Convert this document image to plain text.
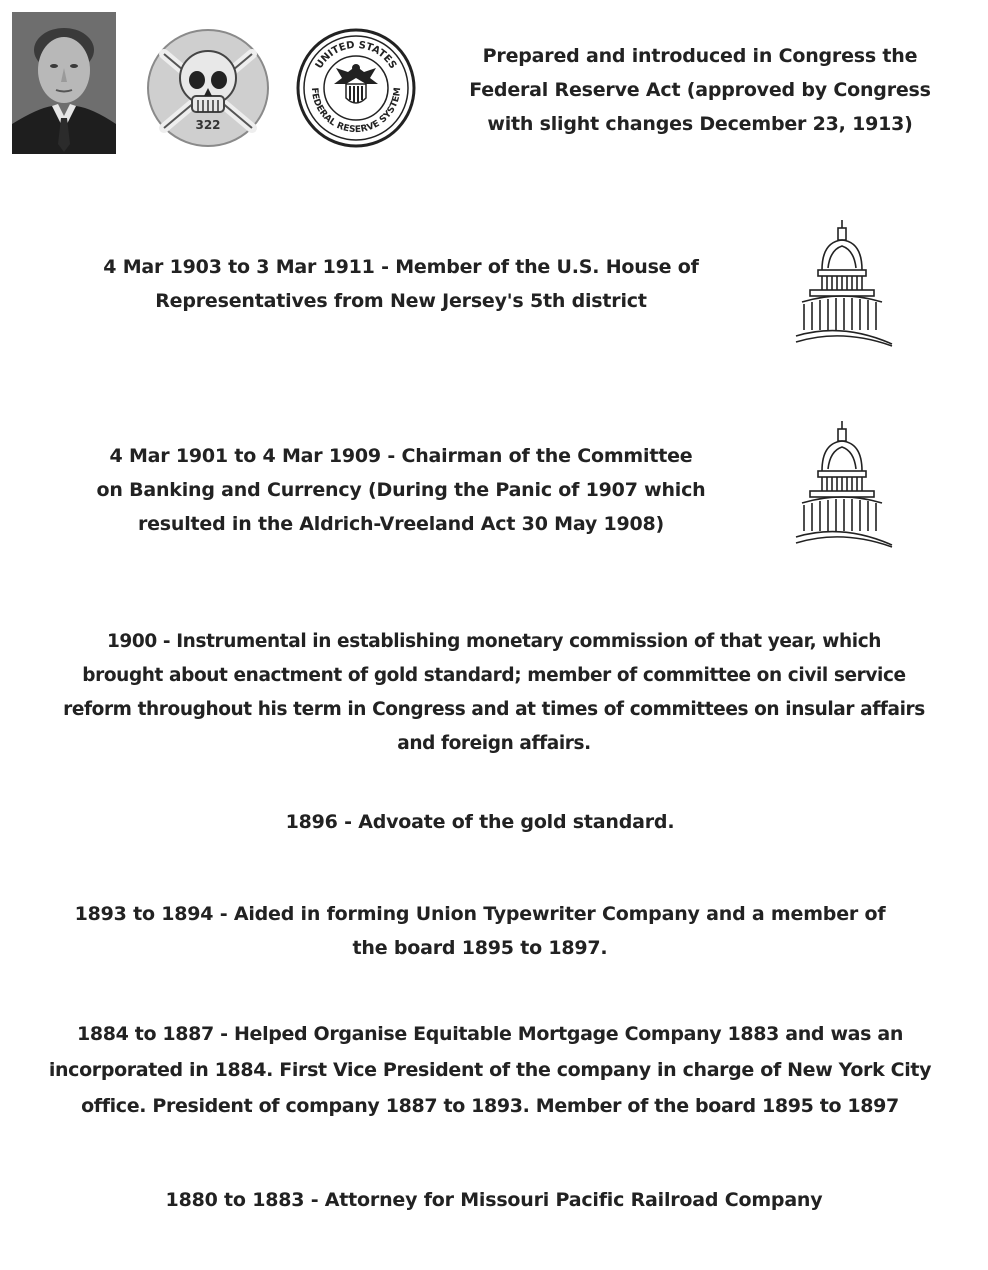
322
UNITED STATES
FEDERAL RESERVE SYSTEM
Prepared and introduced in Congress the
Federal Reserve Act (approved by Congress
with slight changes December 23, 1913)
4 Mar 1903 to 3 Mar 1911 - Member of the U.S. House of
Representatives from New Jersey's 5th district
4 Mar 1901 to 4 Mar 1909 - Chairman of the Committee
on Banking and Currency (During the Panic of 1907 which
resulted in the Aldrich-Vreeland Act 30 May 1908)
1900 - Instrumental in establishing monetary commission of that year, which
brought about enactment of gold standard; member of committee on civil service
reform throughout his term in Congress and at times of committees on insular affairs
and foreign affairs.
1896 - Advoate of the gold standard.
1893 to 1894 - Aided in forming Union Typewriter Company and a member of
the board 1895 to 1897.
1884 to 1887 - Helped Organise Equitable Mortgage Company 1883 and was an
incorporated in 1884. First Vice President of the company in charge of New York City
office. President of company 1887 to 1893. Member of the board 1895 to 1897
1880 to 1883 - Attorney for Missouri Pacific Railroad Company
